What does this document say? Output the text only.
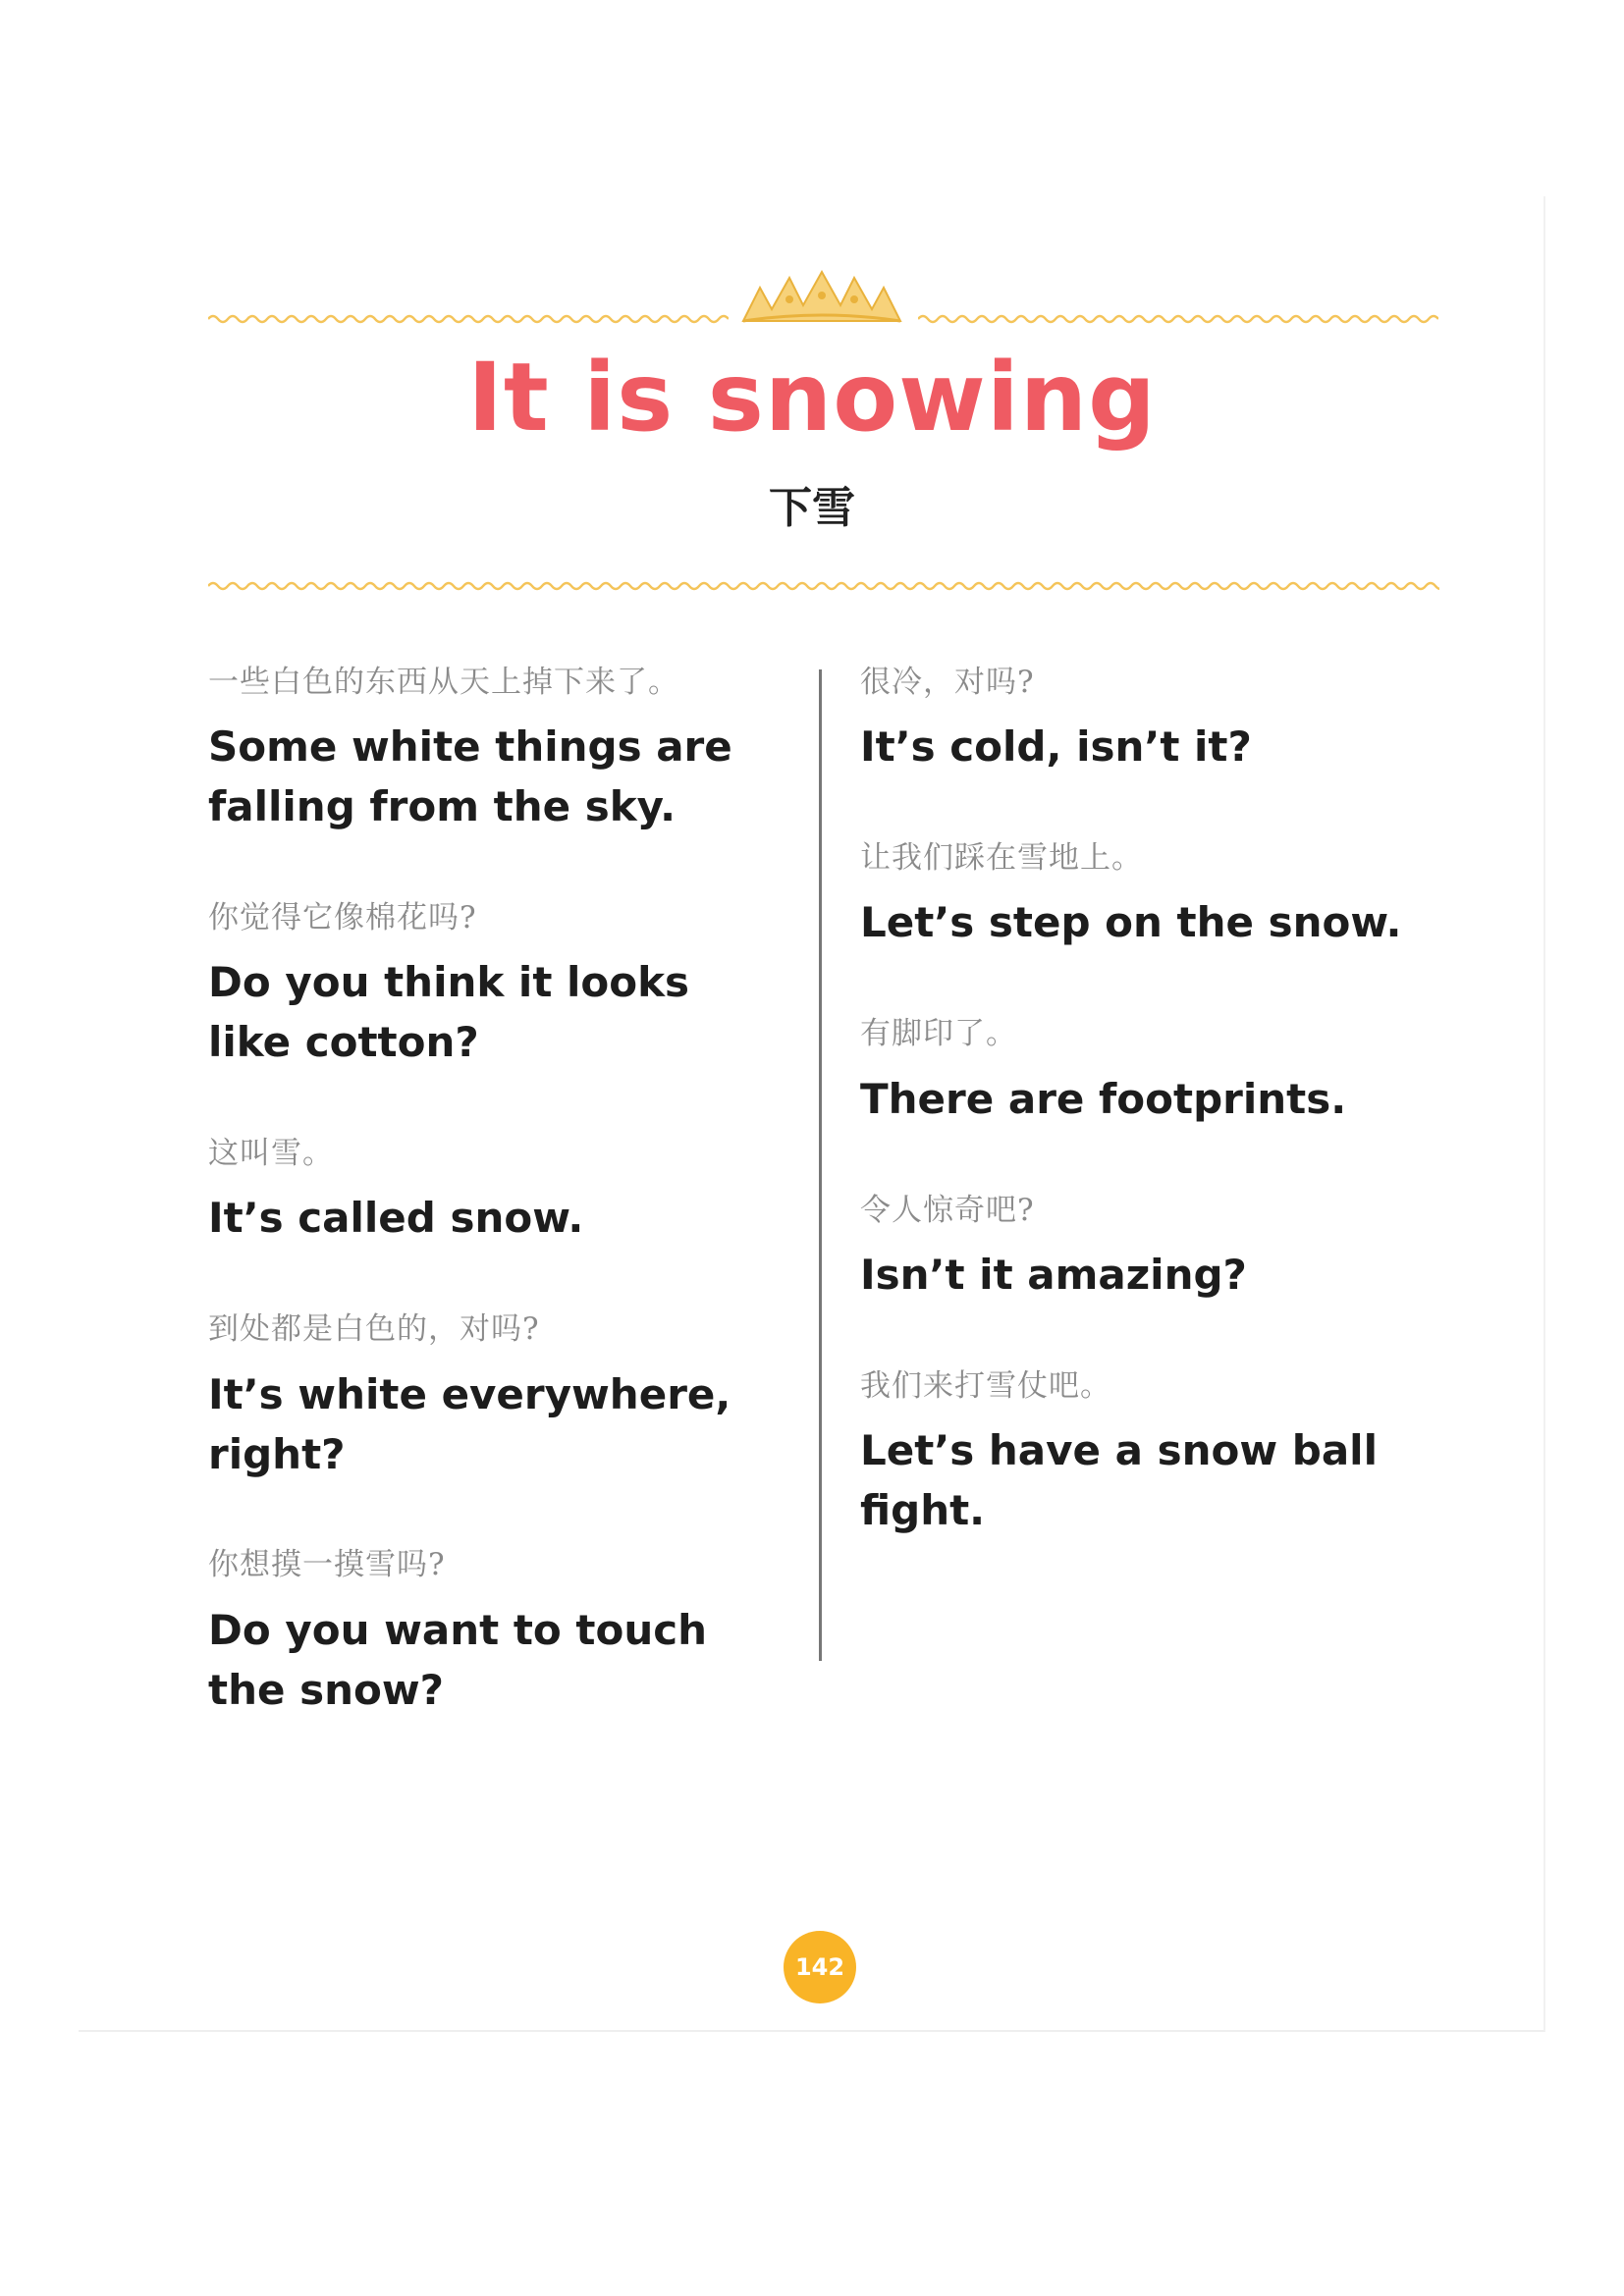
It is snowing
下雪
一些白色的东西从天上掉下来了。
Some white things are falling from the sky.
你觉得它像棉花吗?
Do you think it looks like cotton?
这叫雪。
It’s called snow.
到处都是白色的，对吗?
It’s white everywhere, right?
你想摸一摸雪吗?
Do you want to touch the snow?
很冷，对吗?
It’s cold, isn’t it?
让我们踩在雪地上。
Let’s step on the snow.
有脚印了。
There are footprints.
令人惊奇吧?
Isn’t it amazing?
我们来打雪仗吧。
Let’s have a snow ball fight.
142
